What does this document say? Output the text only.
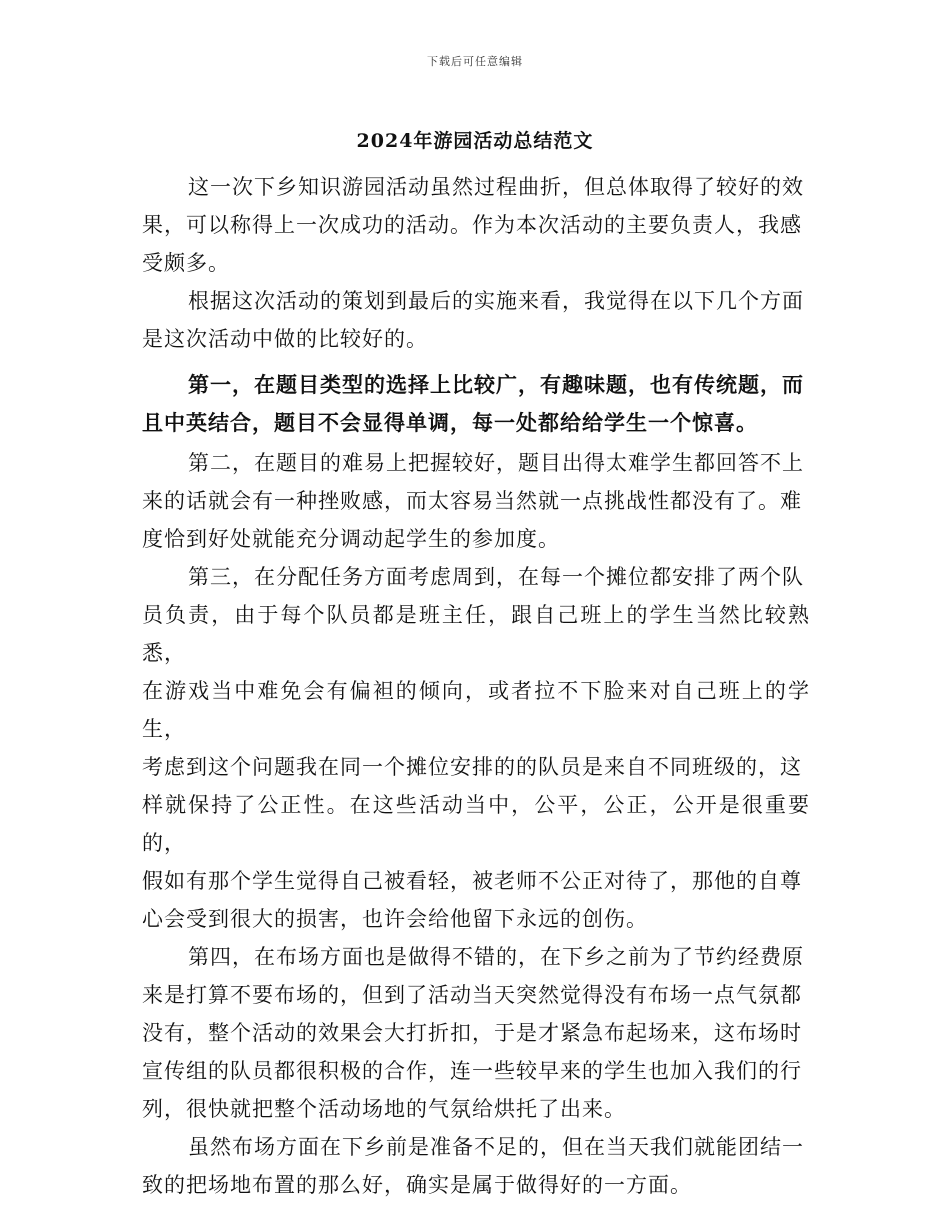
下载后可任意编辑
2024年游园活动总结范文

这一次下乡知识游园活动虽然过程曲折，但总体取得了较好的效
果，可以称得上一次成功的活动。作为本次活动的主要负责人，我感
受颇多。

根据这次活动的策划到最后的实施来看，我觉得在以下几个方面
是这次活动中做的比较好的。

第一，在题目类型的选择上比较广，有趣味题，也有传统题，而
且中英结合，题目不会显得单调，每一处都给给学生一个惊喜。

第二，在题目的难易上把握较好，题目出得太难学生都回答不上
来的话就会有一种挫败感，而太容易当然就一点挑战性都没有了。难
度恰到好处就能充分调动起学生的参加度。

第三，在分配任务方面考虑周到，在每一个摊位都安排了两个队
员负责，由于每个队员都是班主任，跟自己班上的学生当然比较熟悉，
在游戏当中难免会有偏袒的倾向，或者拉不下脸来对自己班上的学生，
考虑到这个问题我在同一个摊位安排的的队员是来自不同班级的，这
样就保持了公正性。在这些活动当中，公平，公正，公开是很重要的，
假如有那个学生觉得自己被看轻，被老师不公正对待了，那他的自尊
心会受到很大的损害，也许会给他留下永远的创伤。

第四，在布场方面也是做得不错的，在下乡之前为了节约经费原
来是打算不要布场的，但到了活动当天突然觉得没有布场一点气氛都
没有，整个活动的效果会大打折扣，于是才紧急布起场来，这布场时
宣传组的队员都很积极的合作，连一些较早来的学生也加入我们的行
列，很快就把整个活动场地的气氛给烘托了出来。

虽然布场方面在下乡前是准备不足的，但在当天我们就能团结一
致的把场地布置的那么好，确实是属于做得好的一方面。
